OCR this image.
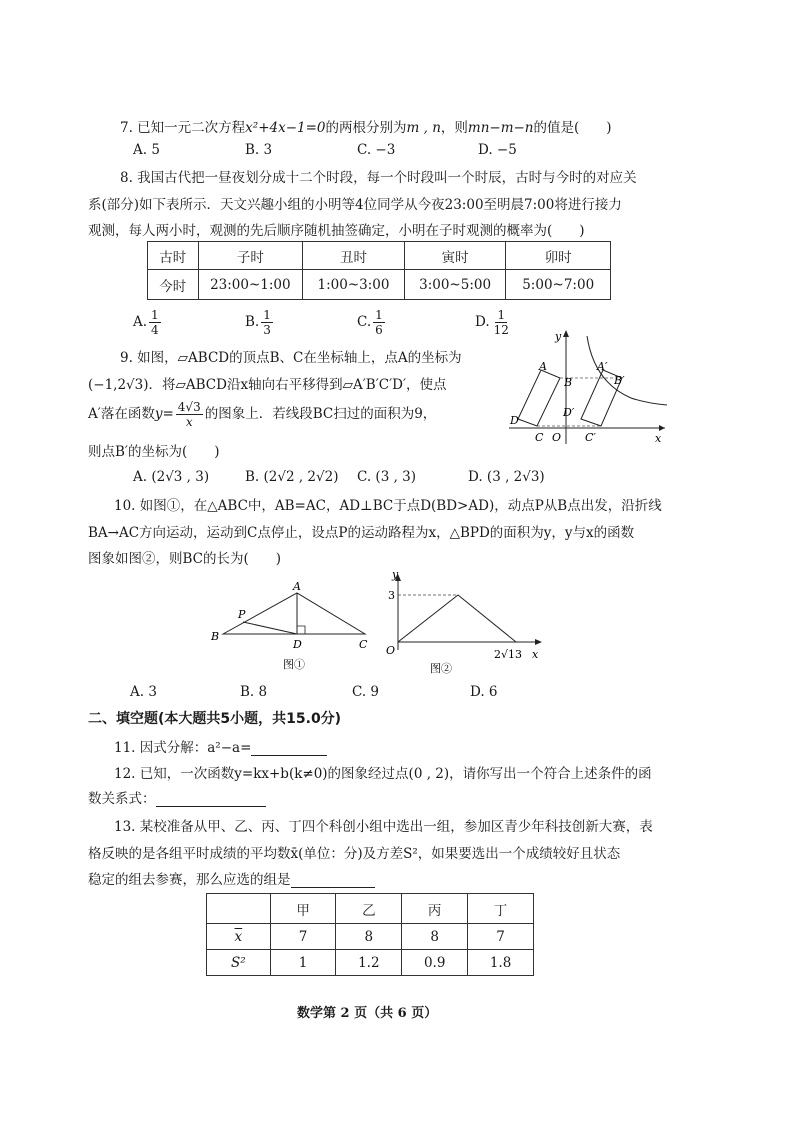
7. 已知一元二次方程x²+4x−1=0的两根分别为m , n，则mn−m−n的值是(　　)
A. 5	B. 3	C. −3	D. −5
8. 我国古代把一昼夜划分成十二个时段，每一个时段叫一个时辰，古时与今时的对应关
系(部分)如下表所示．天文兴趣小组的小明等4位同学从今夜23:00至明晨7:00将进行接力
观测，每人两小时，观测的先后顺序随机抽签确定，小明在子时观测的概率为(　　)
古时	子时	丑时	寅时	卯时
今时	23:00~1:00	1:00~3:00	3:00~5:00	5:00~7:00
A. $\frac{1}{4}$	B. $\frac{1}{3}$	C. $\frac{1}{6}$	D. $\frac{1}{12}$
9. 如图，▱ABCD的顶点B、C在坐标轴上，点A的坐标为
(−1,2√3)．将▱ABCD沿x轴向右平移得到▱A′B′C′D′，使点
A′落在函数$y= \frac{4√3}{x}$ 的图象上．若线段BC扫过的面积为9，
则点B′的坐标为(　　)
y
x
A
B
C
D
O
A′
B′
C′
D′
A. (2√3 , 3)	B. (2√2 , 2√2) C. (3 , 3)	D. (3 , 2√3)
10. 如图①，在△ABC中，AB=AC，AD⊥BC于点D(BD>AD)，动点P从B点出发，沿折线
BA→AC方向运动，运动到C点停止，设点P的运动路程为x，△BPD的面积为y，y与x的函数
图象如图②，则BC的长为(　　)
A
B
C
D
P
图①
y
x
O
3
2√13
图②
A. 3	B. 8	C. 9	D. 6
二、填空题(本大题共5小题，共15.0分)
11. 因式分解：a²−a=
12. 已知，一次函数y=kx+b(k≠0)的图象经过点(0 , 2)，请你写出一个符合上述条件的函
数关系式：
13. 某校准备从甲、乙、丙、丁四个科创小组中选出一组，参加区青少年科技创新大赛，表
格反映的是各组平时成绩的平均数x̄(单位：分)及方差S²，如果要选出一个成绩较好且状态
稳定的组去参赛，那么应选的组是
	甲	乙	丙	丁
$\overline{x}$	7	8	8	7
S²	1	1.2	0.9	1.8
数学第 2 页（共 6 页）
